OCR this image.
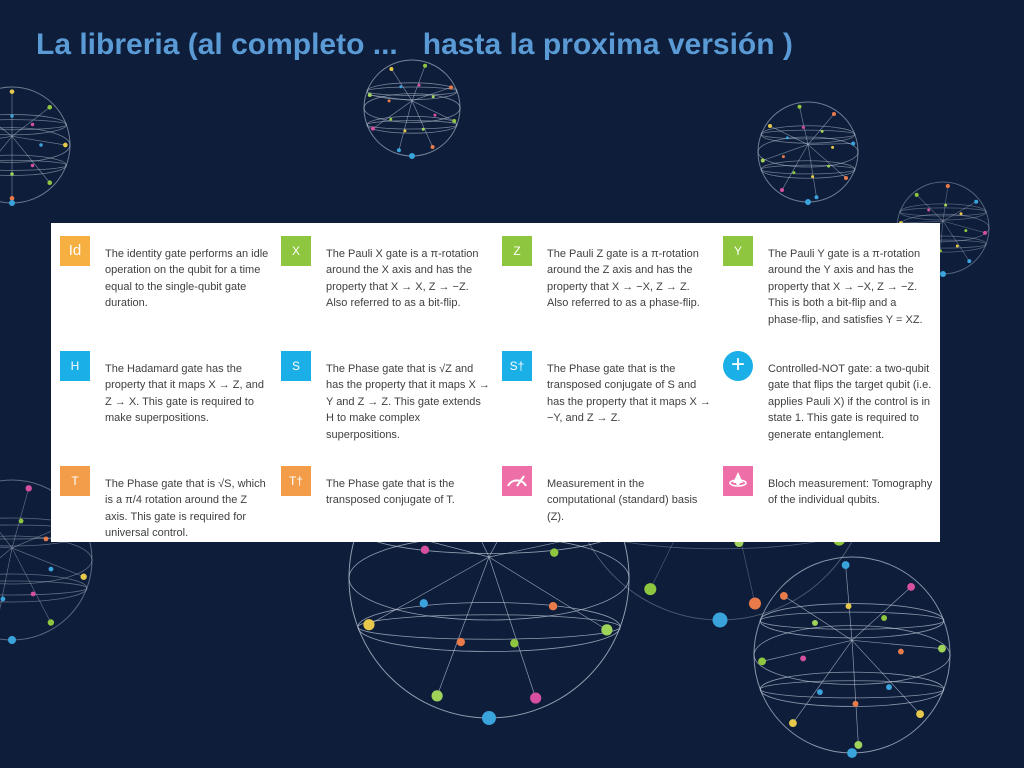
La libreria (al completo ...   hasta la proxima versión )
Id	The identity gate performs an idle operation on the qubit for a time equal to the single-qubit gate duration.
X	The Pauli X gate is a π-rotation around the X axis and has the property that X → X, Z → −Z. Also referred to as a bit-flip.
Z	The Pauli Z gate is a π-rotation around the Z axis and has the property that X → −X, Z → Z. Also referred to as a phase-flip.
Y	The Pauli Y gate is a π-rotation around the Y axis and has the property that X → −X, Z → −Z. This is both a bit-flip and a phase-flip, and satisfies Y = XZ.
H	The Hadamard gate has the property that it maps X → Z, and Z → X. This gate is required to make superpositions.
S	The Phase gate that is √Z and has the property that it maps X → Y and Z → Z. This gate extends H to make complex superpositions.
S†	The Phase gate that is the transposed conjugate of S and has the property that it maps X → −Y, and Z → Z.
+	Controlled-NOT gate: a two-qubit gate that flips the target qubit (i.e. applies Pauli X) if the control is in state 1. This gate is required to generate entanglement.
T	The Phase gate that is √S, which is a π/4 rotation around the Z axis. This gate is required for universal control.
T†	The Phase gate that is the transposed conjugate of T.
Measurement in the computational (standard) basis (Z).
Bloch measurement: Tomography of the individual qubits.
